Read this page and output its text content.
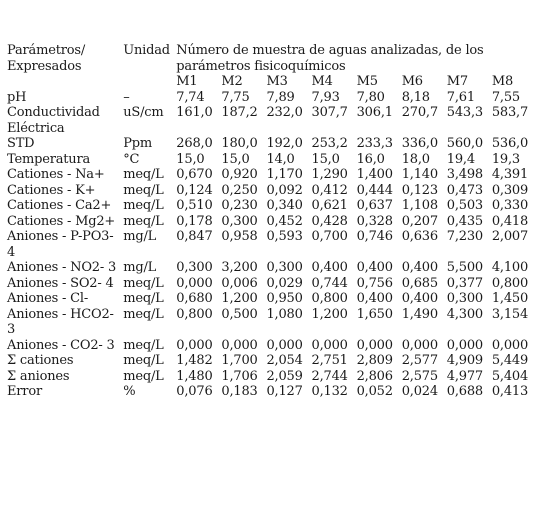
Parámetros/ Expresados	Unidad	Número de muestra de aguas analizadas, de los parámetros fisicoquímicos							
		M1	M2	M3	M4	M5	M6	M7	M8
pH	–	7,74	7,75	7,89	7,93	7,80	8,18	7,61	7,55
Conductividad Eléctrica	uS/cm	161,0	187,2	232,0	307,7	306,1	270,7	543,3	583,7
STD	Ppm	268,0	180,0	192,0	253,2	233,3	336,0	560,0	536,0
Temperatura	°C	15,0	15,0	14,0	15,0	16,0	18,0	19,4	19,3
Cationes - Na+	meq/L	0,670	0,920	1,170	1,290	1,400	1,140	3,498	4,391
Cationes - K+	meq/L	0,124	0,250	0,092	0,412	0,444	0,123	0,473	0,309
Cationes - Ca2+	meq/L	0,510	0,230	0,340	0,621	0,637	1,108	0,503	0,330
Cationes - Mg2+	meq/L	0,178	0,300	0,452	0,428	0,328	0,207	0,435	0,418
Aniones - P-PO3- 4	mg/L	0,847	0,958	0,593	0,700	0,746	0,636	7,230	2,007
Aniones - NO2- 3	mg/L	0,300	3,200	0,300	0,400	0,400	0,400	5,500	4,100
Aniones - SO2- 4	meq/L	0,000	0,006	0,029	0,744	0,756	0,685	0,377	0,800
Aniones - Cl-	meq/L	0,680	1,200	0,950	0,800	0,400	0,400	0,300	1,450
Aniones - HCO2- 3	meq/L	0,800	0,500	1,080	1,200	1,650	1,490	4,300	3,154
Aniones - CO2- 3	meq/L	0,000	0,000	0,000	0,000	0,000	0,000	0,000	0,000
Σ cationes	meq/L	1,482	1,700	2,054	2,751	2,809	2,577	4,909	5,449
Σ aniones	meq/L	1,480	1,706	2,059	2,744	2,806	2,575	4,977	5,404
Error	%	0,076	0,183	0,127	0,132	0,052	0,024	0,688	0,413
